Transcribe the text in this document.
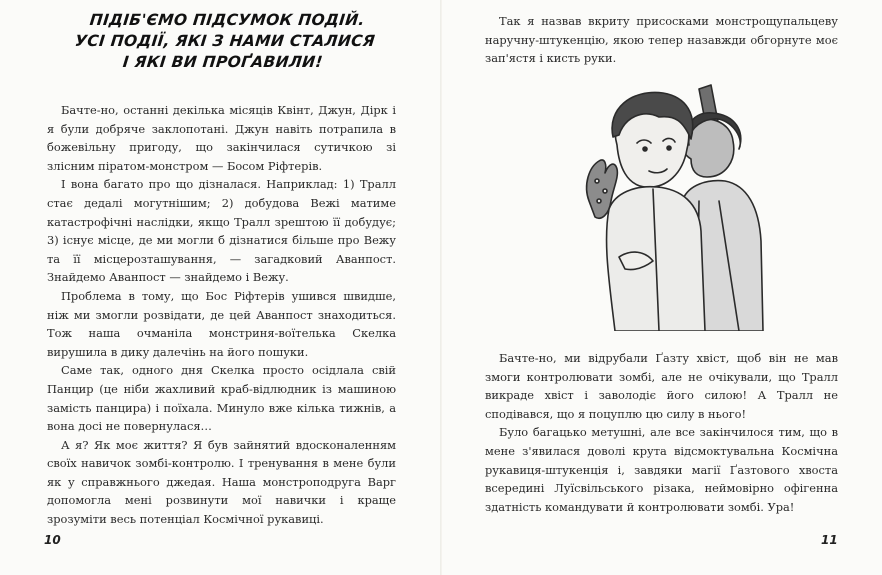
ПІДІБ'ЄМО ПІДСУМОК ПОДІЙ.
УСІ ПОДІЇ, ЯКІ З НАМИ СТАЛИСЯ
І ЯКІ ВИ ПРОҐАВИЛИ!

Бачте-но, останні декілька місяців Квінт, Джун, Дірк і я були добряче заклопотані. Джун навіть потрапила в божевільну пригоду, що закінчилася сутичкою зі злісним піратом-монстром — Босом Ріфтерів.

І вона багато про що дізналася. Наприклад: 1) Тралл стає дедалі могутнішим; 2) добудова Вежі матиме катастрофічні наслідки, якщо Тралл зрештою її добудує; 3) існує місце, де ми могли б дізнатися більше про Вежу та її місцерозташування, — загадковий Аванпост. Знайдемо Аванпост — знайдемо і Вежу.

Проблема в тому, що Бос Ріфтерів ушився швидше, ніж ми змогли розвідати, де цей Аванпост знаходиться. Тож наша очманіла монстриня-воїтелька Скелка вирушила в дику далечінь на його пошуки.

Саме так, одного дня Скелка просто осідлала свій Панцир (це ніби жахливий краб-відлюдник із машиною замість панцира) і поїхала. Минуло вже кілька тижнів, а вона досі не повернулася…

А я? Як моє життя? Я був зайнятий вдосконаленням своїх навичок зомбі-контролю. І тренування в мене були як у справжнього джедая. Наша монстроподруга Варг допомогла мені розвинути мої навички і краще зрозуміти весь потенціал Космічної рукавиці.

10

Так я назвав вкриту присосками монстрощупальцеву наручну-штукенцію, якою тепер назавжди обгорнуте моє зап'ястя і кисть руки.

Бачте-но, ми відрубали Ґазту хвіст, щоб він не мав змоги контролювати зомбі, але не очікували, що Тралл викраде хвіст і заволодіє його силою! А Тралл не сподівався, що я поцуплю цю силу в нього!

Було багацько метушні, але все закінчилося тим, що в мене з'явилася доволі крута відсмоктувальна Космічна рукавиця-штукенція і, завдяки магії Ґазтового хвоста всередині Луїсвільського різака, неймовірно офігенна здатність командувати й контролювати зомбі. Ура!

11
